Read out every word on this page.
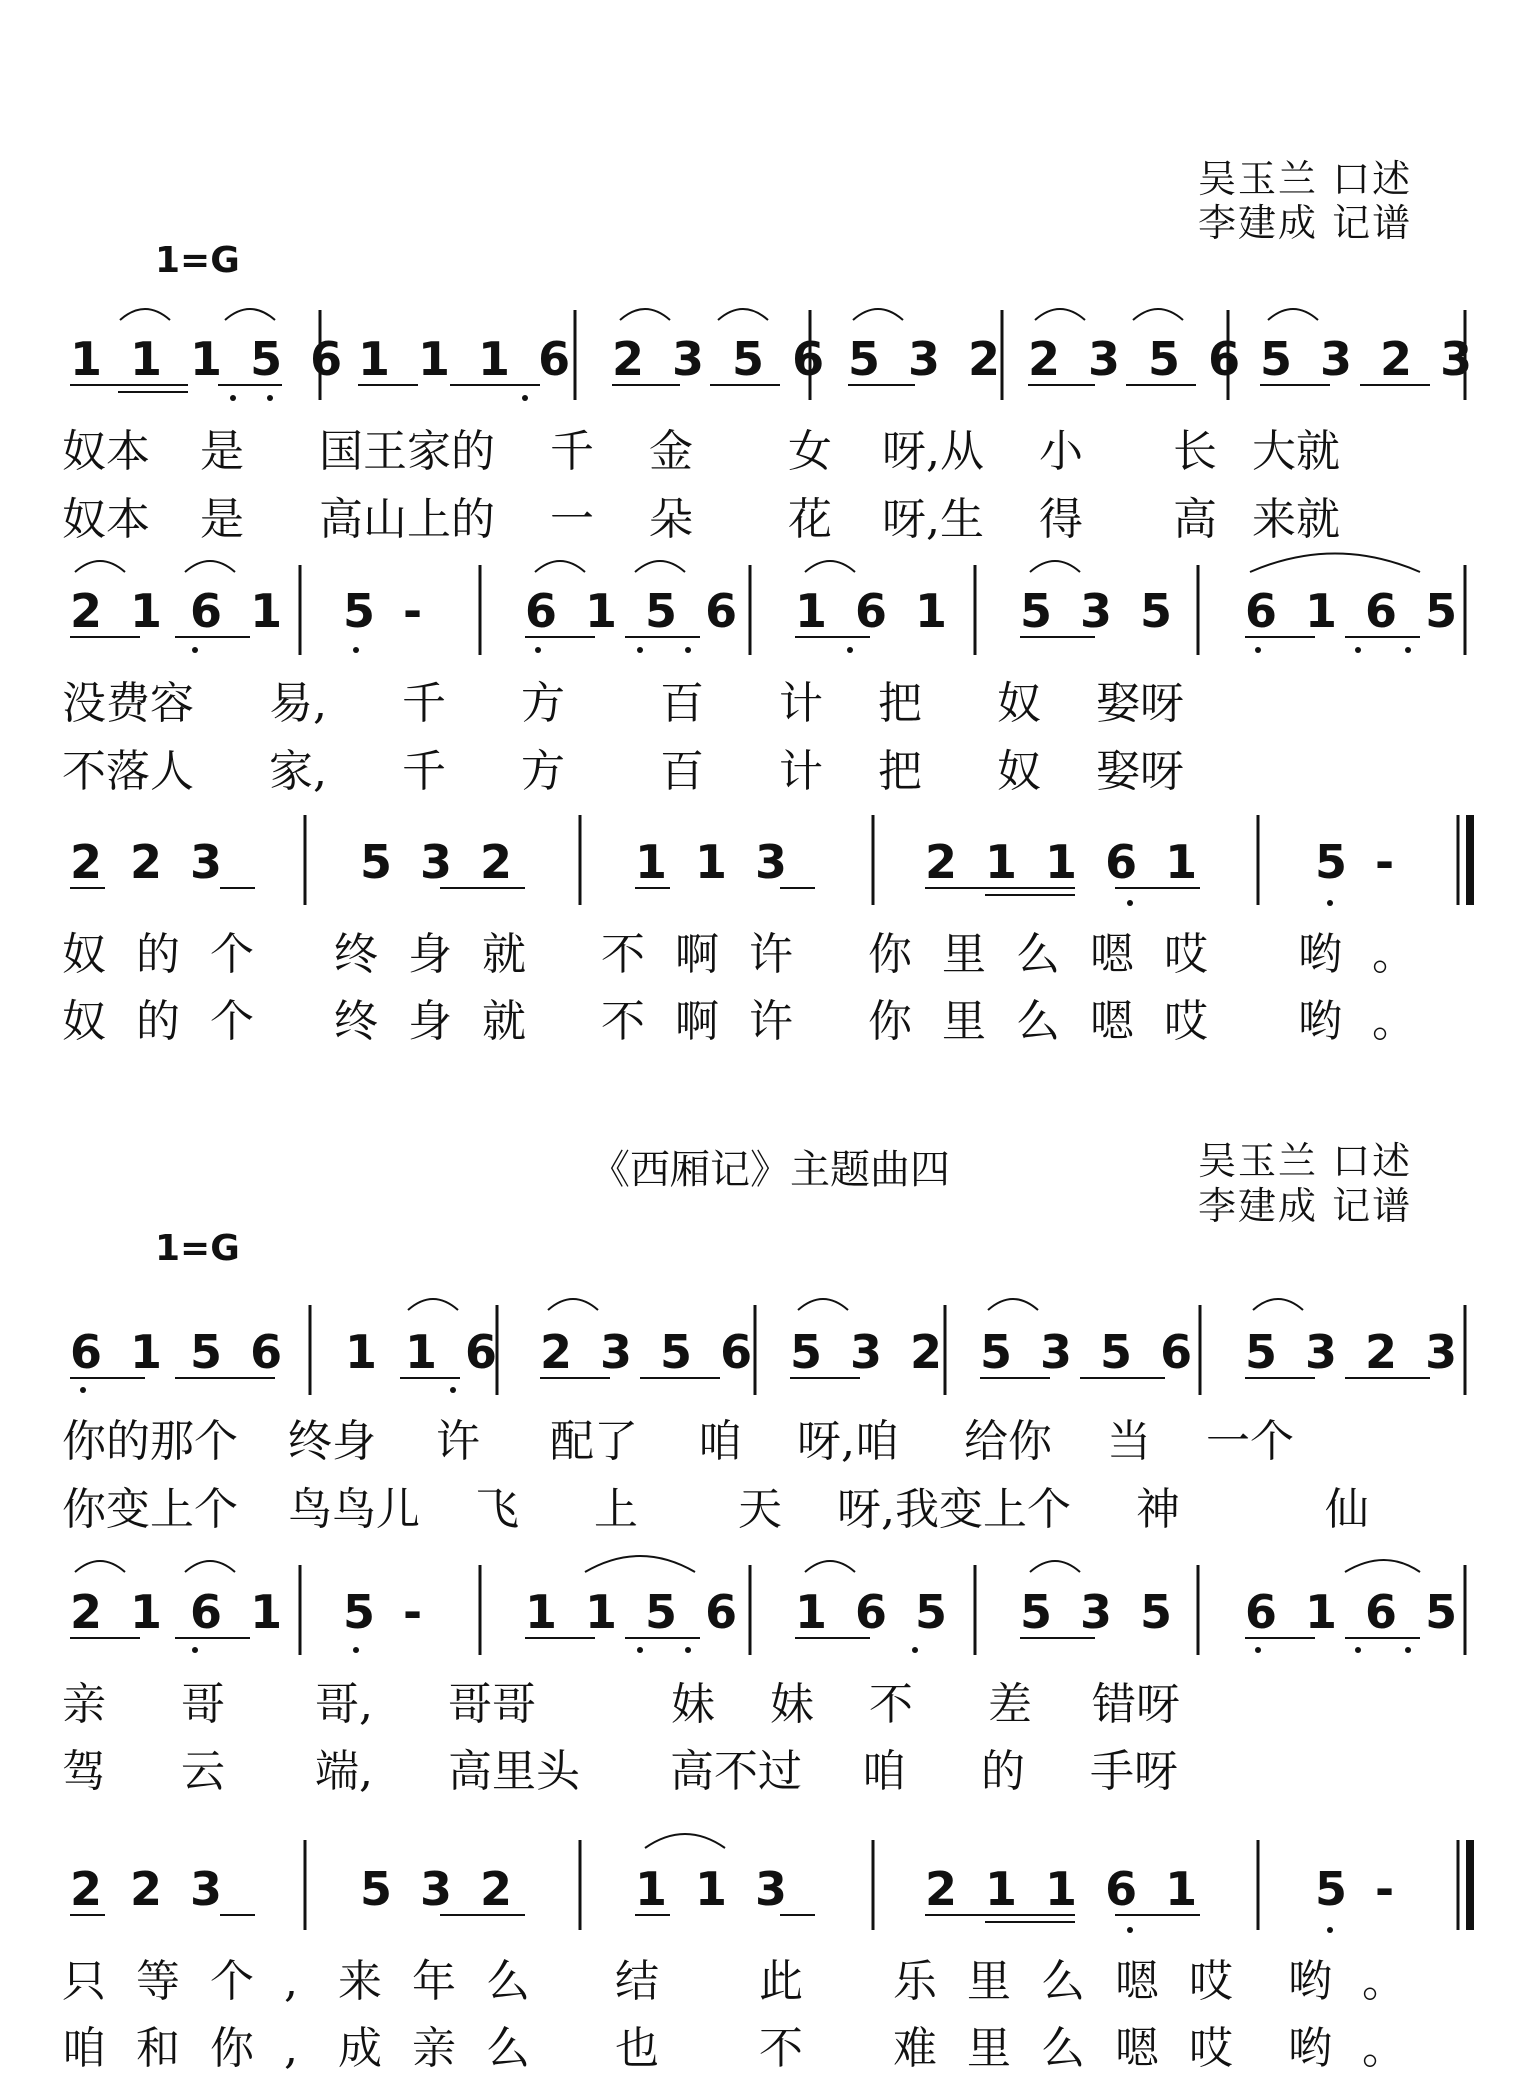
吴玉兰 口述
李建成 记谱
1=G
1 1 1 5 6 1 1 1 6 2 3 5 6 5 3 2 2 3 5 6 5 3 2 3
2 1 6 1 5 - 6 1 5 6 1 6 1 5 3 5 6 1 6 5
2 2 3	5 3 2	1 1 3	2 1 1 6 1 5 -
6 1 5 6 1 1 6 2 3 5 6 5 3 2 5 3 5 6 5 3 2 3
2 1 6 1 5 - 1 1 5 6 1 6 5 5 3 5 6 1 6 5
2 2 3	5 3 2	1 1 3	2 1 1 6 1 5 -
奴本 是 国王家的 千 金 女 呀,从 小 长 大就
奴本 是 高山上的 一 朵 花 呀,生 得 高 来就
没费容 易, 千 方 百 计 把 奴 娶呀
不落人 家, 千 方 百 计 把 奴 娶呀
奴的个 终身就 不啊许 你里么嗯哎 哟。
奴的个 终身就 不啊许 你里么嗯哎 哟。
《西厢记》主题曲四	吴玉兰 口述
李建成 记谱
1=G
你的那个 终身 许 配了 咱 呀,咱 给你 当 一个
你变上个 鸟鸟儿 飞 上 天 呀,我变上个 神	仙
亲 哥 哥, 哥哥	妹 妹 不 差 错呀
驾 云 端, 高里头 高不过 咱 的 手呀
只等个, 来年么 结 此 乐里么嗯哎 哟。
咱和你, 成亲么 也 不 难里么嗯哎 哟。
